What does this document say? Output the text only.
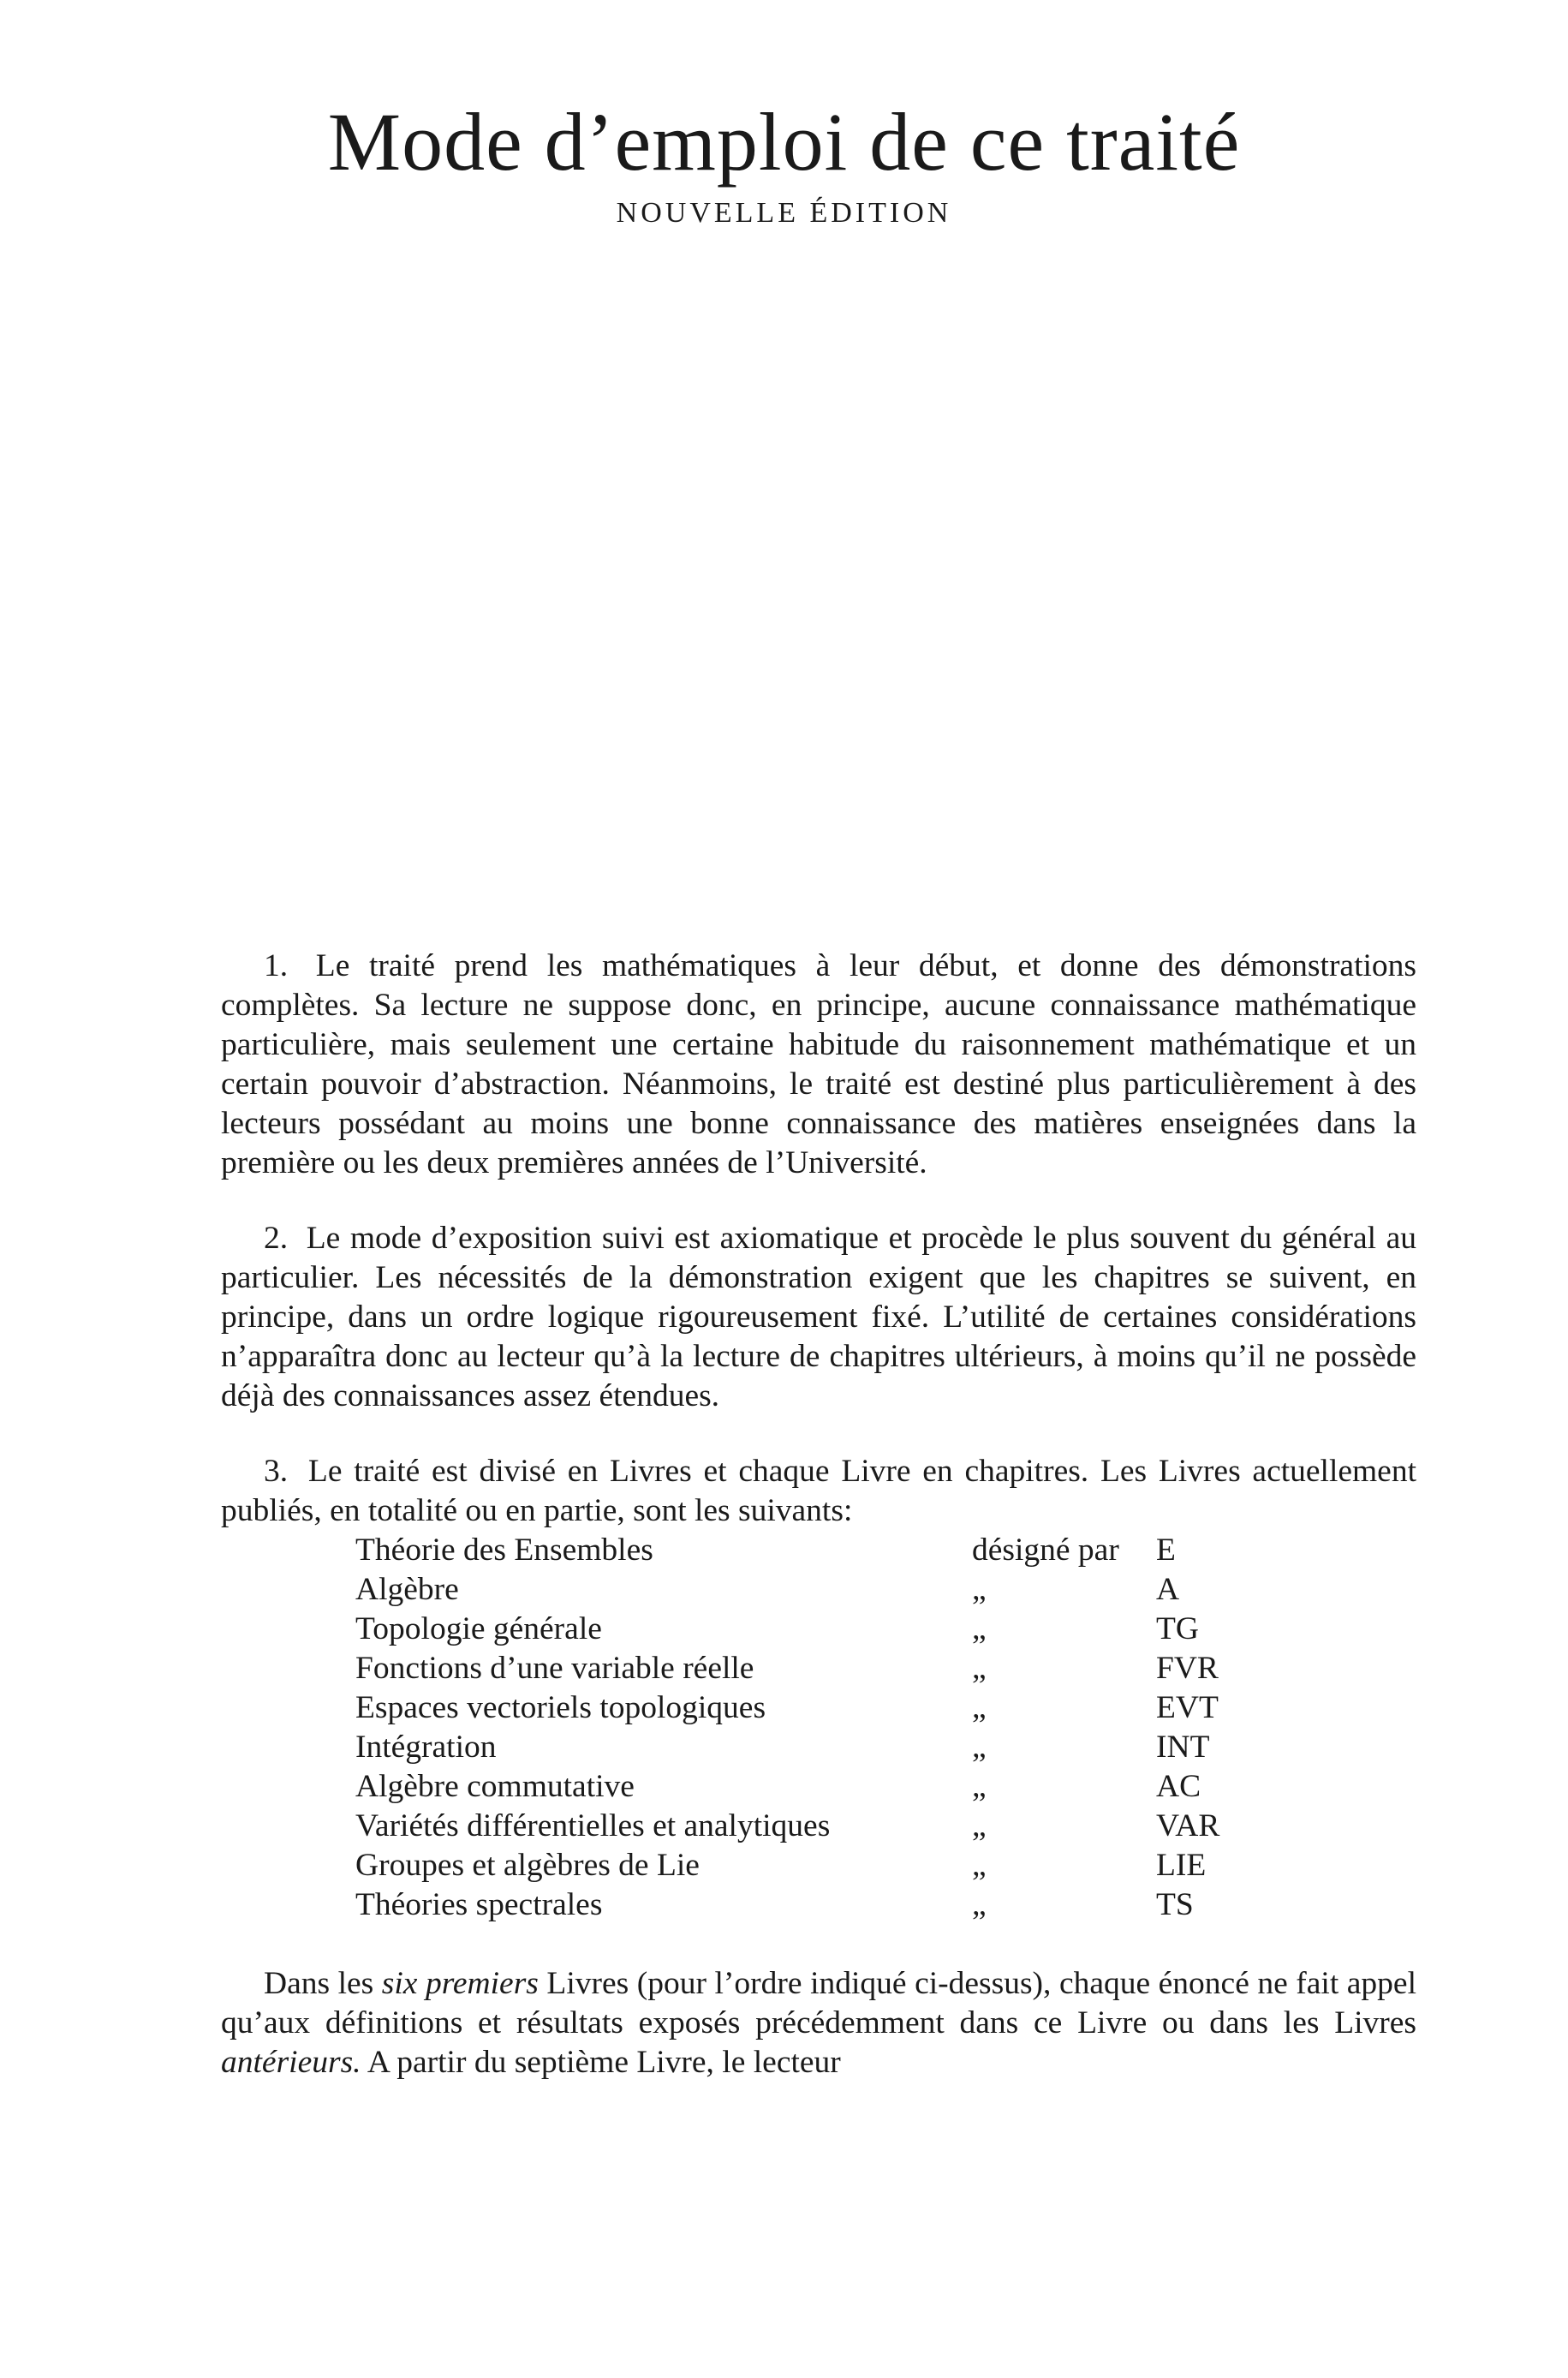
Mode d’emploi de ce traité
NOUVELLE ÉDITION

1. Le traité prend les mathématiques à leur début, et donne des démonstrations complètes. Sa lecture ne suppose donc, en principe, aucune connaissance mathématique particulière, mais seulement une certaine habitude du raisonnement mathématique et un certain pouvoir d’abstraction. Néanmoins, le traité est destiné plus particulièrement à des lecteurs possédant au moins une bonne connaissance des matières enseignées dans la première ou les deux premières années de l’Université.

2. Le mode d’exposition suivi est axiomatique et procède le plus souvent du général au particulier. Les nécessités de la démonstration exigent que les chapitres se suivent, en principe, dans un ordre logique rigoureusement fixé. L’utilité de certaines considérations n’apparaîtra donc au lecteur qu’à la lecture de chapitres ultérieurs, à moins qu’il ne possède déjà des connaissances assez étendues.

3. Le traité est divisé en Livres et chaque Livre en chapitres. Les Livres actuellement publiés, en totalité ou en partie, sont les suivants:

Théorie des Ensembles	désigné par	E
Algèbre	„	A
Topologie générale	„	TG
Fonctions d’une variable réelle	„	FVR
Espaces vectoriels topologiques	„	EVT
Intégration	„	INT
Algèbre commutative	„	AC
Variétés différentielles et analytiques	„	VAR
Groupes et algèbres de Lie	„	LIE
Théories spectrales	„	TS

Dans les six premiers Livres (pour l’ordre indiqué ci-dessus), chaque énoncé ne fait appel qu’aux définitions et résultats exposés précédemment dans ce Livre ou dans les Livres antérieurs. A partir du septième Livre, le lecteur
